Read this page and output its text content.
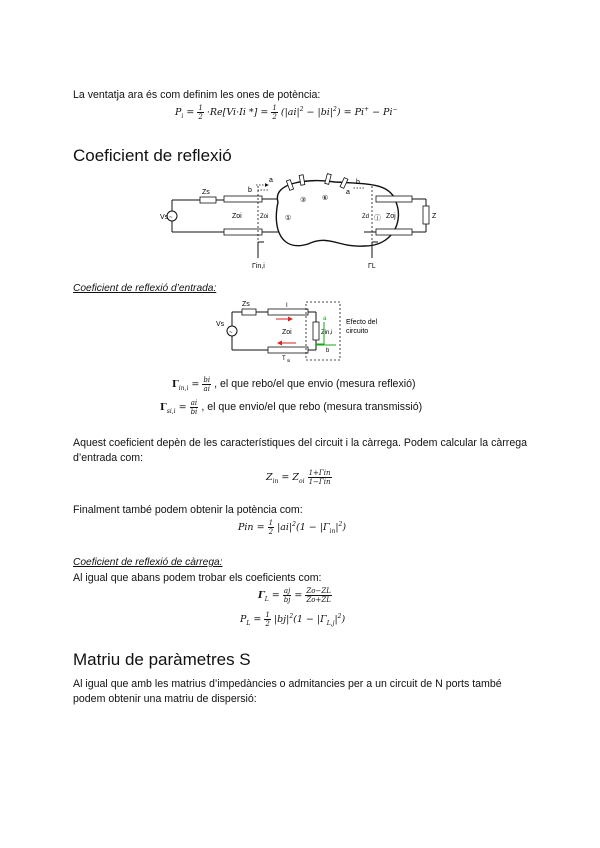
La ventatja ara és com definim les ones de potència:
$P_i = \frac{1}{2} \cdot Re[Vi\cdot Ii$ *] = $\frac{1}{2} (|ai|^2 - |bi|^2) = Pi^+ - Pi^-$
Coeficient de reflexió
~
Zs
Vs	Zoi	Zoi
b
a
①
③ ⑥
ⓙ
b
a
Zd Zoj	Z
Γin,i	ΓL
Coeficient de reflexió d’entrada:
Zs
~
Vs
Zoi
I
T si
Zin,i
a
b
Efecto del
circuito
$\Gamma_{in,i} = \frac{bi}{ai}$ , el que rebo/el que envio (mesura reflexió)
$\Gamma_{si,i} = \frac{ai}{bi}$ , el que envio/el que rebo (mesura transmissió)
Aquest coeficient depèn de les característiques del circuit i la càrrega. Podem calcular la càrrega d’entrada com:
$Z_{in} = Z_{oi} \frac{\text{1+Γin}}{\text{1−Γin}}$
Finalment també podem obtenir la potència com:
Pin = $\frac{1}{2} |ai|^2(1 - |\Gamma_{in}|^2)$
Coeficient de reflexió de càrrega:
Al igual que abans podem trobar els coeficients com:
$\Gamma_L = \frac{aj}{bj} = \frac{Zo-ZL}{Zo+ZL}$
$P_L = \frac{1}{2} |bj|^2(1 - |\Gamma_{L,j}|^2)$
Matriu de paràmetres S
Al igual que amb les matrius d’impedàncies o admitancies per a un circuit de N ports també podem obtenir una matriu de dispersió:
